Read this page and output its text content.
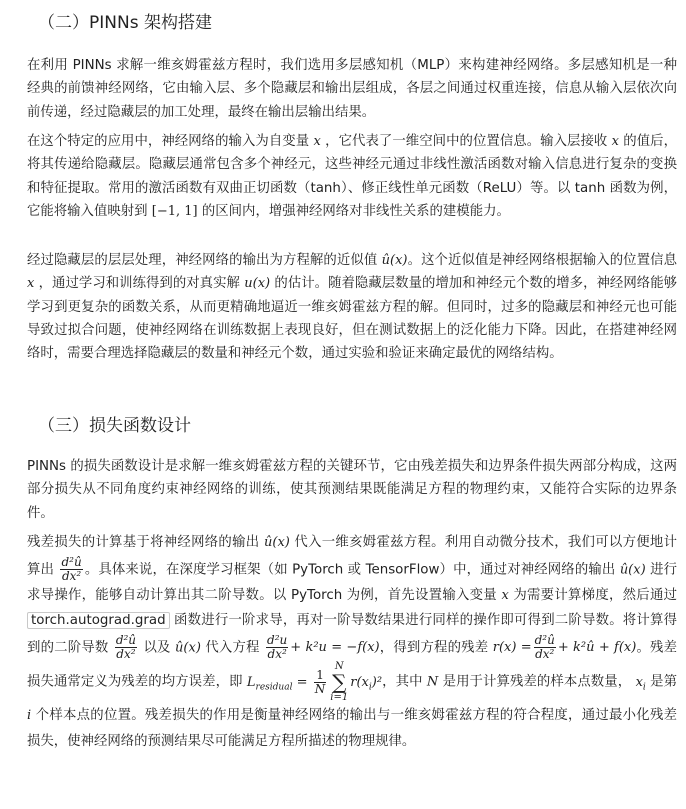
（二）PINNs 架构搭建

在利用 PINNs 求解一维亥姆霍兹方程时，我们选用多层感知机（MLP）来构建神经网络。多层感知机是一种经典的前馈神经网络，它由输入层、多个隐藏层和输出层组成，各层之间通过权重连接，信息从输入层依次向前传递，经过隐藏层的加工处理，最终在输出层输出结果。

在这个特定的应用中，神经网络的输入为自变量 x ，它代表了一维空间中的位置信息。输入层接收 x 的值后，将其传递给隐藏层。隐藏层通常包含多个神经元，这些神经元通过非线性激活函数对输入信息进行复杂的变换和特征提取。常用的激活函数有双曲正切函数（tanh）、修正线性单元函数（ReLU）等。以 tanh 函数为例，它能将输入值映射到 [−1, 1] 的区间内，增强神经网络对非线性关系的建模能力。

经过隐藏层的层层处理，神经网络的输出为方程解的近似值 û(x)。这个近似值是神经网络根据输入的位置信息 x ，通过学习和训练得到的对真实解 u(x) 的估计。随着隐藏层数量的增加和神经元个数的增多，神经网络能够学习到更复杂的函数关系，从而更精确地逼近一维亥姆霍兹方程的解。但同时，过多的隐藏层和神经元也可能导致过拟合问题，使神经网络在训练数据上表现良好，但在测试数据上的泛化能力下降。因此，在搭建神经网络时，需要合理选择隐藏层的数量和神经元个数，通过实验和验证来确定最优的网络结构。

（三）损失函数设计

PINNs 的损失函数设计是求解一维亥姆霍兹方程的关键环节，它由残差损失和边界条件损失两部分构成，这两部分损失从不同角度约束神经网络的训练，使其预测结果既能满足方程的物理约束，又能符合实际的边界条件。

残差损失的计算基于将神经网络的输出 û(x) 代入一维亥姆霍兹方程。利用自动微分技术，我们可以方便地计算出 $\frac{\text{d²û}}{\text{dx²}}$ 。具体来说，在深度学习框架（如 PyTorch 或 TensorFlow）中，通过对神经网络的输出 û(x) 进行求导操作，能够自动计算出其二阶导数。以 PyTorch 为例，首先设置输入变量 x 为需要计算梯度，然后通过 torch.autograd.grad 函数进行一阶求导，再对一阶导数结果进行同样的操作即可得到二阶导数。将计算得到的二阶导数 $\frac{\text{d²û}}{\text{dx²}}$ 以及 û(x) 代入方程 $\frac{\text{d²u}}{\text{dx²}} + k^2u = -f(x)$，得到方程的残差 $r(x) = \frac{\text{d²û}}{\text{dx²}}$ + k²û + f(x)。残差损失通常定义为残差的均方误差，即 $L_{residual} = \frac{1}{N}$
N
∑
i=1
$r(x_i)^2$，其中 N 是用于计算残差的样本点数量， $x_i$ 是第 i 个样本点的位置。残差损失的作用是衡量神经网络的输出与一维亥姆霍兹方程的符合程度，通过最小化残差损失，使神经网络的预测结果尽可能满足方程所描述的物理规律。
